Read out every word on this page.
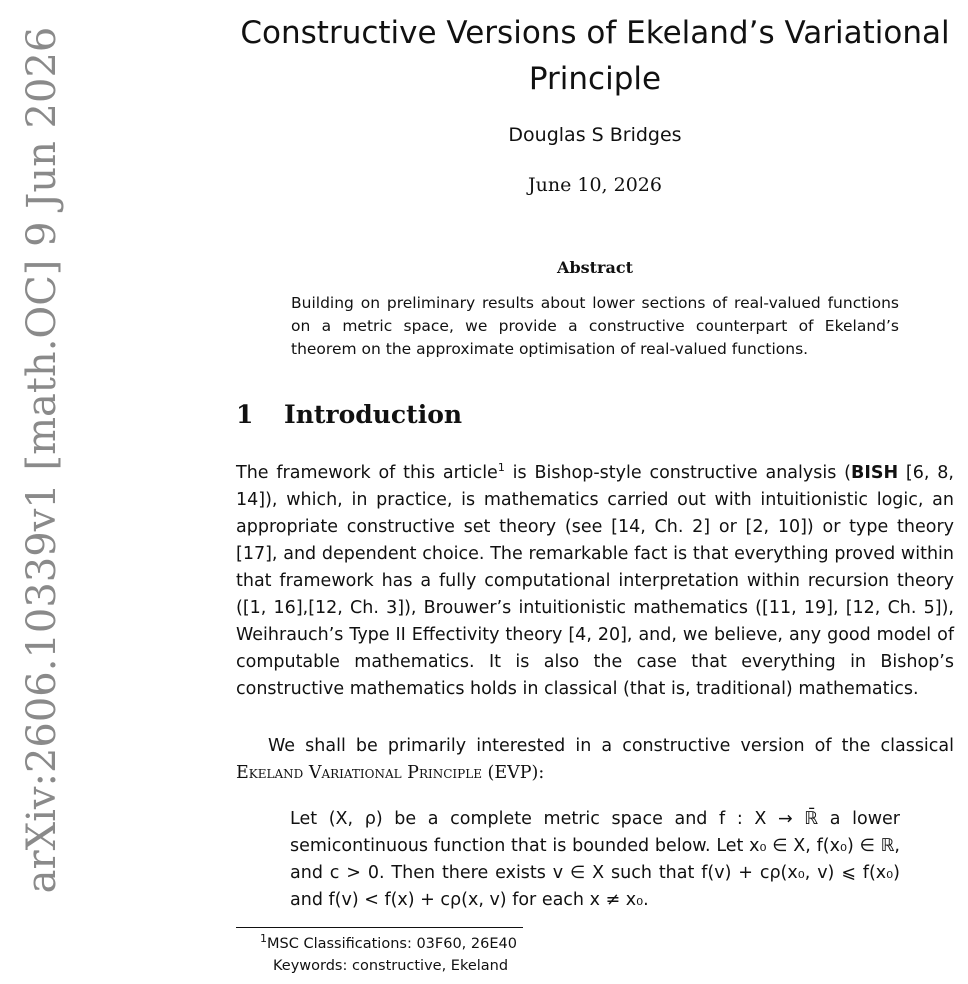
arXiv:2606.10339v1 [math.OC] 9 Jun 2026	Constructive Versions of Ekeland’s Variational
Principle
Douglas S Bridges
June 10, 2026
Abstract
Building on preliminary results about lower sections of real-valued functions on a metric space, we provide a constructive counterpart of Ekeland’s theorem on the approximate optimisation of real-valued functions.
1 Introduction
The framework of this article$^1$ is Bishop-style constructive analysis (BISH [6, 8, 14]), which, in practice, is mathematics carried out with intuitionistic logic, an appropriate constructive set theory (see [14, Ch. 2] or [2, 10]) or type theory [17], and dependent choice. The remarkable fact is that everything proved within that framework has a fully computational interpretation within recursion theory ([1, 16],[12, Ch. 3]), Brouwer’s intuitionistic mathematics ([11, 19], [12, Ch. 5]), Weihrauch’s Type II Effectivity theory [4, 20], and, we believe, any good model of computable mathematics. It is also the case that everything in Bishop’s constructive mathematics holds in classical (that is, traditional) mathematics.
We shall be primarily interested in a constructive version of the classical Ekeland Variational Principle (EVP):
Let (X, ρ) be a complete metric space and f : X → ℝ̄ a lower semicontinuous function that is bounded below. Let x₀ ∈ X, f(x₀) ∈ ℝ, and c > 0. Then there exists v ∈ X such that f(v) + cρ(x₀, v) ⩽ f(x₀) and f(v) < f(x) + cρ(x, v) for each x ≠ x₀.
$^1$MSC Classifications: 03F60, 26E40
Keywords: constructive, Ekeland
